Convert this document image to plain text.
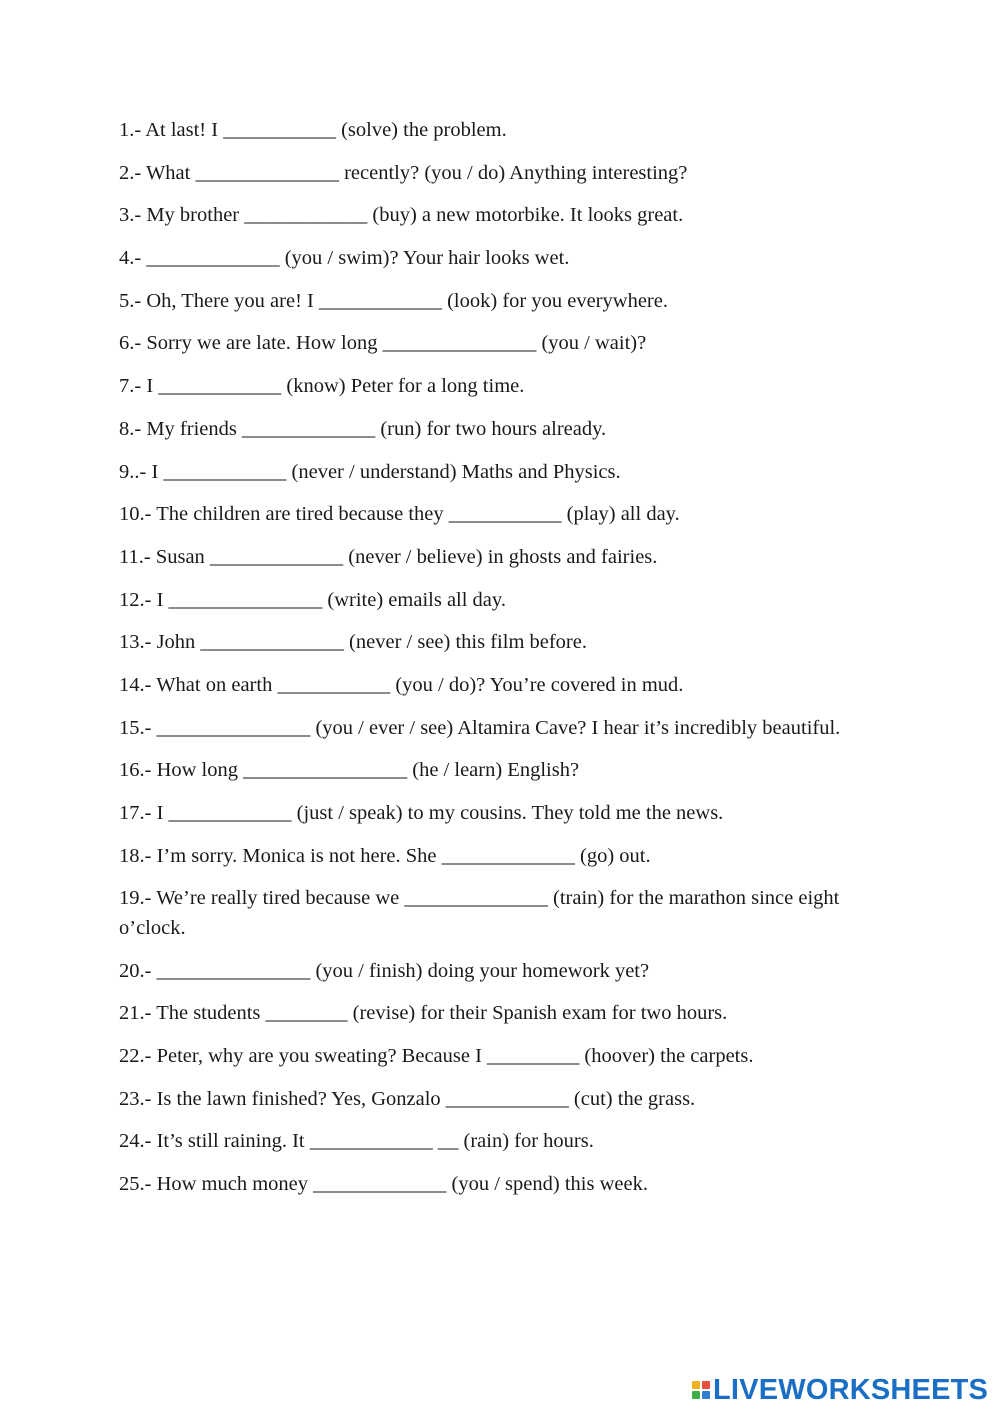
1.- At last! I ___________ (solve) the problem.
2.- What ______________ recently? (you / do) Anything interesting?
3.- My brother ____________ (buy) a new motorbike. It looks great.
4.- _____________ (you / swim)? Your hair looks wet.
5.- Oh, There you are! I ____________ (look) for you everywhere.
6.- Sorry we are late. How long _______________ (you / wait)?
7.- I ____________ (know) Peter for a long time.
8.- My friends _____________ (run) for two hours already.
9..- I ____________ (never / understand) Maths and Physics.
10.- The children are tired because they ___________ (play) all day.
11.- Susan _____________ (never / believe) in ghosts and fairies.
12.- I _______________ (write) emails all day.
13.- John ______________ (never / see) this film before.
14.- What on earth ___________ (you / do)? You’re covered in mud.
15.- _______________ (you / ever / see) Altamira Cave? I hear it’s incredibly beautiful.
16.- How long ________________ (he / learn) English?
17.- I ____________ (just / speak) to my cousins. They told me the news.
18.- I’m sorry. Monica is not here. She _____________ (go) out.
19.- We’re really tired because we ______________ (train) for the marathon since eight o’clock.
20.- _______________ (you / finish) doing your homework yet?
21.- The students ________ (revise) for their Spanish exam for two hours.
22.- Peter, why are you sweating? Because I _________ (hoover) the carpets.
23.- Is the lawn finished? Yes, Gonzalo ____________ (cut) the grass.
24.- It’s still raining. It ____________ __ (rain) for hours.
25.- How much money _____________ (you / spend) this week.
LIVEWORKSHEETS
